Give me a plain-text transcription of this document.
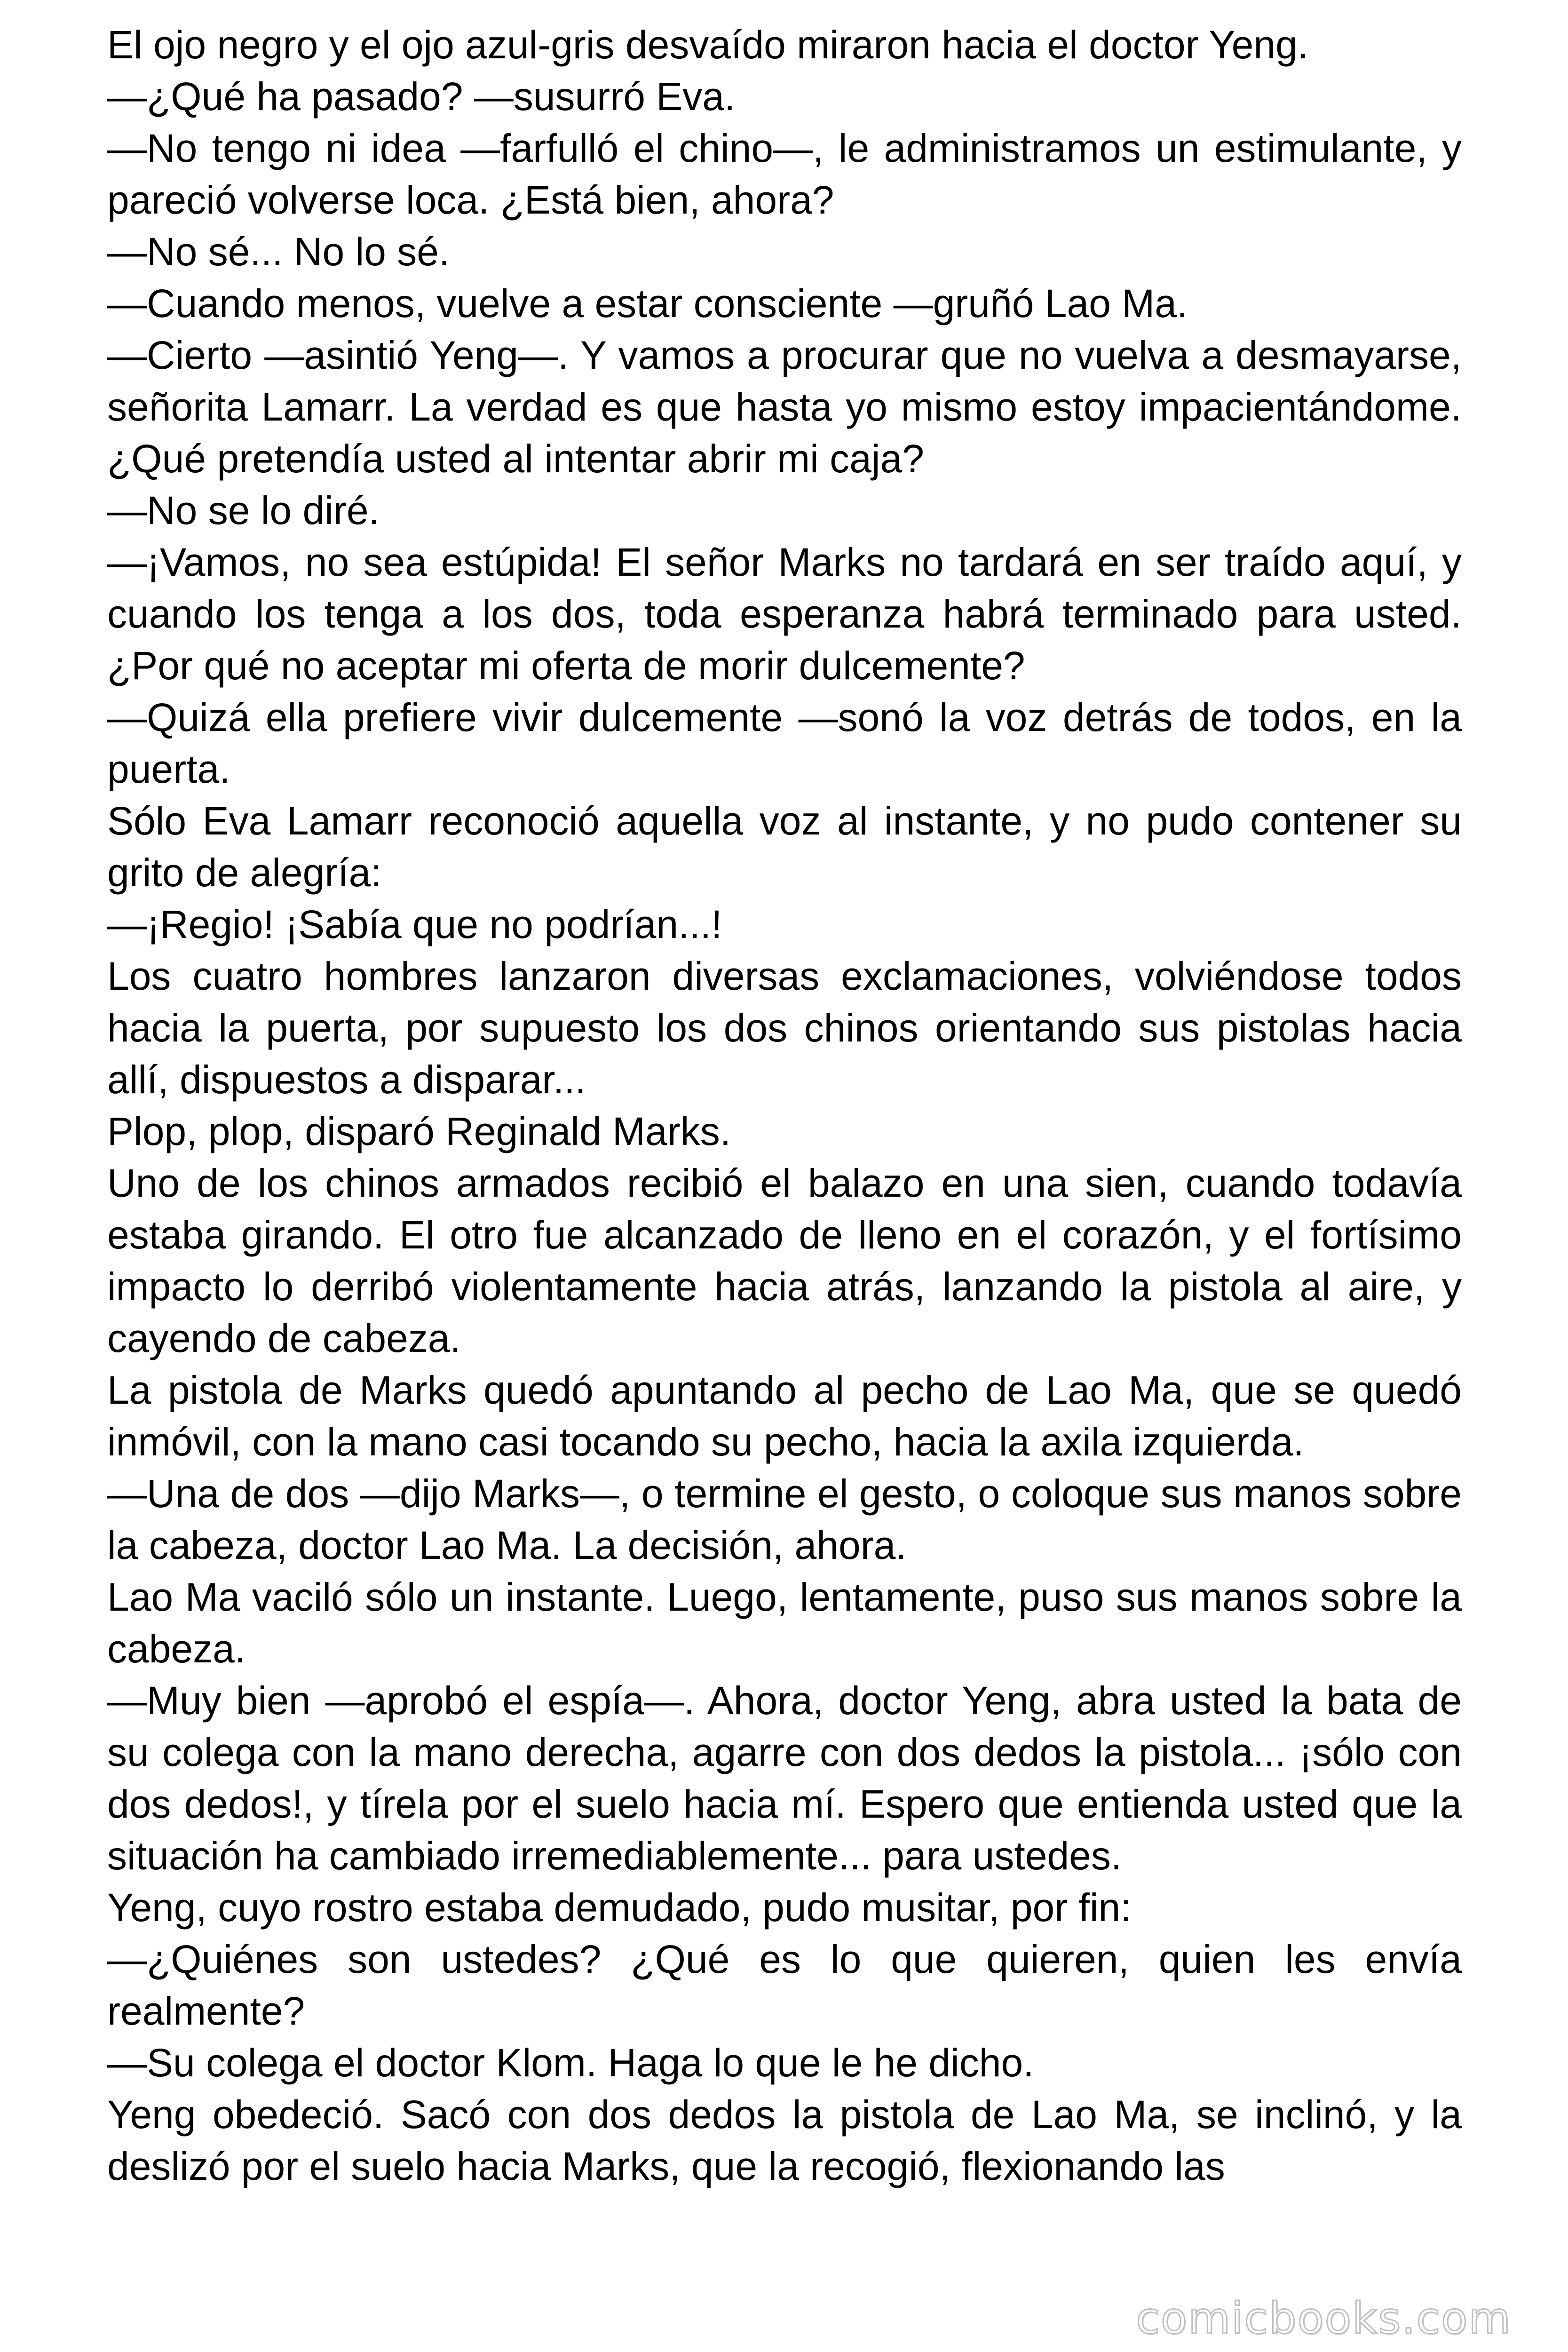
El ojo negro y el ojo azul-gris desvaído miraron hacia el doctor Yeng.

—¿Qué ha pasado? —susurró Eva.

—No tengo ni idea —farfulló el chino—, le administramos un estimulante, y pareció volverse loca. ¿Está bien, ahora?

—No sé... No lo sé.

—Cuando menos, vuelve a estar consciente —gruñó Lao Ma.

—Cierto —asintió Yeng—. Y vamos a procurar que no vuelva a desmayarse, señorita Lamarr. La verdad es que hasta yo mismo estoy impacientándome. ¿Qué pretendía usted al intentar abrir mi caja?

—No se lo diré.

—¡Vamos, no sea estúpida! El señor Marks no tardará en ser traído aquí, y cuando los tenga a los dos, toda esperanza habrá terminado para usted. ¿Por qué no aceptar mi oferta de morir dulcemente?

—Quizá ella prefiere vivir dulcemente —sonó la voz detrás de todos, en la puerta.

Sólo Eva Lamarr reconoció aquella voz al instante, y no pudo contener su grito de alegría:

—¡Regio! ¡Sabía que no podrían...!

Los cuatro hombres lanzaron diversas exclamaciones, volviéndose todos hacia la puerta, por supuesto los dos chinos orientando sus pistolas hacia allí, dispuestos a disparar...

Plop, plop, disparó Reginald Marks.

Uno de los chinos armados recibió el balazo en una sien, cuando todavía estaba girando. El otro fue alcanzado de lleno en el corazón, y el fortísimo impacto lo derribó violentamente hacia atrás, lanzando la pistola al aire, y cayendo de cabeza.

La pistola de Marks quedó apuntando al pecho de Lao Ma, que se quedó inmóvil, con la mano casi tocando su pecho, hacia la axila izquierda.

—Una de dos —dijo Marks—, o termine el gesto, o coloque sus manos sobre la cabeza, doctor Lao Ma. La decisión, ahora.

Lao Ma vaciló sólo un instante. Luego, lentamente, puso sus manos sobre la cabeza.

—Muy bien —aprobó el espía—. Ahora, doctor Yeng, abra usted la bata de su colega con la mano derecha, agarre con dos dedos la pistola... ¡sólo con dos dedos!, y tírela por el suelo hacia mí. Espero que entienda usted que la situación ha cambiado irremediablemente... para ustedes.

Yeng, cuyo rostro estaba demudado, pudo musitar, por fin:

—¿Quiénes son ustedes? ¿Qué es lo que quieren, quien les envía realmente?

—Su colega el doctor Klom. Haga lo que le he dicho.

Yeng obedeció. Sacó con dos dedos la pistola de Lao Ma, se inclinó, y la deslizó por el suelo hacia Marks, que la recogió, flexionando las

comicbooks.com
